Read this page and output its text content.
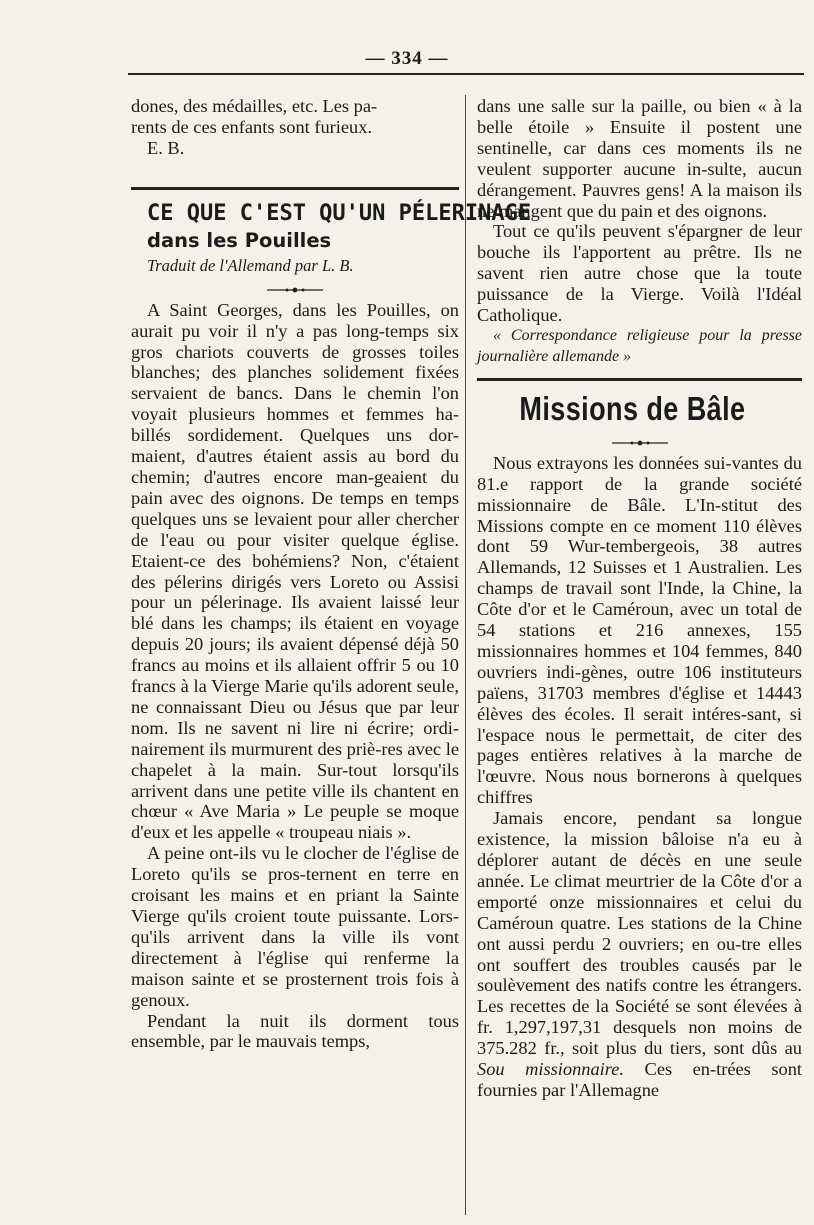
— 334 —

dones, des médailles, etc. Les pa-

rents de ces enfants sont furieux.

E. B.

CE QUE C'EST QU'UN PÉLERINAGE

dans les Pouilles

Traduit de l'Allemand par L. B.

A Saint Georges, dans les Pouilles, on aurait pu voir il n'y a pas long-temps six gros chariots couverts de grosses toiles blanches; des planches solidement fixées servaient de bancs. Dans le chemin l'on voyait plusieurs hommes et femmes ha-billés sordidement. Quelques uns dor-maient, d'autres étaient assis au bord du chemin; d'autres encore man-geaient du pain avec des oignons. De temps en temps quelques uns se levaient pour aller chercher de l'eau ou pour visiter quelque église. Etaient-ce des bohémiens? Non, c'étaient des pélerins dirigés vers Loreto ou Assisi pour un pélerinage. Ils avaient laissé leur blé dans les champs; ils étaient en voyage depuis 20 jours; ils avaient dépensé déjà 50 francs au moins et ils allaient offrir 5 ou 10 francs à la Vierge Marie qu'ils adorent seule, ne connaissant Dieu ou Jésus que par leur nom. Ils ne savent ni lire ni écrire; ordi-nairement ils murmurent des priè-res avec le chapelet à la main. Sur-tout lorsqu'ils arrivent dans une petite ville ils chantent en chœur « Ave Maria » Le peuple se moque d'eux et les appelle « troupeau niais ».

A peine ont-ils vu le clocher de l'église de Loreto qu'ils se pros-ternent en terre en croisant les mains et en priant la Sainte Vierge qu'ils croient toute puissante. Lors-qu'ils arrivent dans la ville ils vont directement à l'église qui renferme la maison sainte et se prosternent trois fois à genoux.

Pendant la nuit ils dorment tous ensemble, par le mauvais temps,

dans une salle sur la paille, ou bien « à la belle étoile » Ensuite il postent une sentinelle, car dans ces moments ils ne veulent supporter aucune in-sulte, aucun dérangement. Pauvres gens! A la maison ils ne mangent que du pain et des oignons.

Tout ce qu'ils peuvent s'épargner de leur bouche ils l'apportent au prêtre. Ils ne savent rien autre chose que la toute puissance de la Vierge. Voilà l'Idéal Catholique.

« Correspondance religieuse pour la presse journalière allemande »

Missions de Bâle

Nous extrayons les données sui-vantes du 81.e rapport de la grande société missionnaire de Bâle. L'In-stitut des Missions compte en ce moment 110 élèves dont 59 Wur-tembergeois, 38 autres Allemands, 12 Suisses et 1 Australien. Les champs de travail sont l'Inde, la Chine, la Côte d'or et le Caméroun, avec un total de 54 stations et 216 annexes, 155 missionnaires hommes et 104 femmes, 840 ouvriers indi-gènes, outre 106 instituteurs païens, 31703 membres d'église et 14443 élèves des écoles. Il serait intéres-sant, si l'espace nous le permettait, de citer des pages entières relatives à la marche de l'œuvre. Nous nous bornerons à quelques chiffres

Jamais encore, pendant sa longue existence, la mission bâloise n'a eu à déplorer autant de décès en une seule année. Le climat meurtrier de la Côte d'or a emporté onze missionnaires et celui du Caméroun quatre. Les stations de la Chine ont aussi perdu 2 ouvriers; en ou-tre elles ont souffert des troubles causés par le soulèvement des natifs contre les étrangers. Les recettes de la Société se sont élevées à fr. 1,297,197,31 desquels non moins de 375.282 fr., soit plus du tiers, sont dûs au Sou missionnaire. Ces en-trées sont fournies par l'Allemagne
